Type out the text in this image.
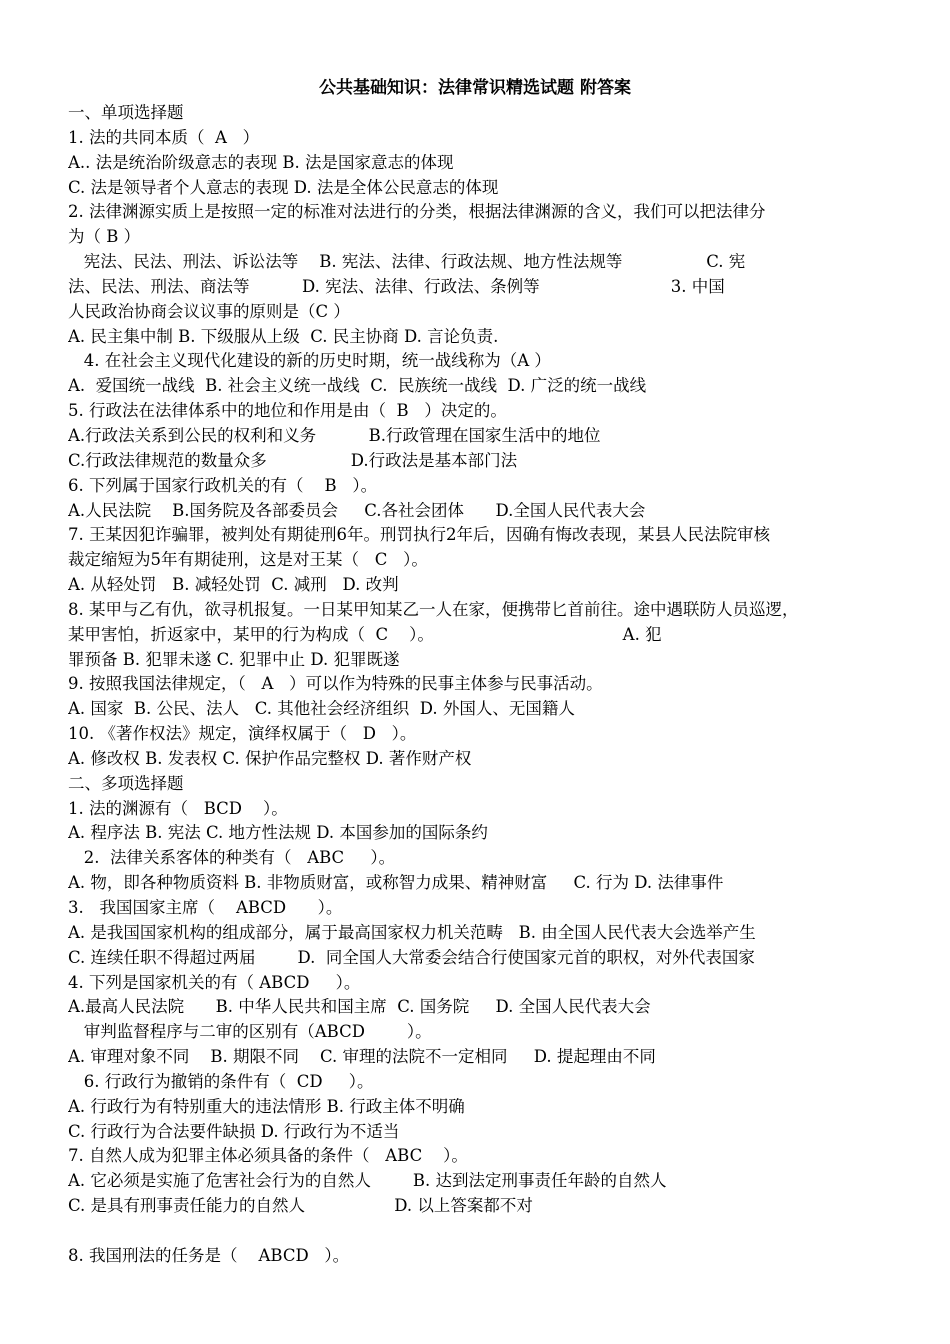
公共基础知识：法律常识精选试题 附答案
一、单项选择题
1. 法的共同本质（  A   ）
A.. 法是统治阶级意志的表现 B. 法是国家意志的体现
C. 法是领导者个人意志的表现 D. 法是全体公民意志的体现
2. 法律渊源实质上是按照一定的标准对法进行的分类，根据法律渊源的含义，我们可以把法律分
为（ B ）
宪法、民法、刑法、诉讼法等    B. 宪法、法律、行政法规、地方性法规等                C. 宪
法、民法、刑法、商法等          D. 宪法、法律、行政法、条例等                         3. 中国
人民政治协商会议议事的原则是（C ）
A. 民主集中制 B. 下级服从上级  C. 民主协商 D. 言论负责.
4. 在社会主义现代化建设的新的历史时期，统一战线称为（A ）
A.  爱国统一战线  B. 社会主义统一战线  C.  民族统一战线  D. 广泛的统一战线
5. 行政法在法律体系中的地位和作用是由（  B   ）决定的。
A.行政法关系到公民的权利和义务          B.行政管理在国家生活中的地位
C.行政法律规范的数量众多                D.行政法是基本部门法
6. 下列属于国家行政机关的有（    B   ）。
A.人民法院    B.国务院及各部委员会     C.各社会团体      D.全国人民代表大会
7. 王某因犯诈骗罪，被判处有期徒刑6年。刑罚执行2年后，因确有悔改表现，某县人民法院审核
裁定缩短为5年有期徒刑，这是对王某（   C   ）。
A. 从轻处罚   B. 减轻处罚  C. 减刑   D. 改判
8. 某甲与乙有仇，欲寻机报复。一日某甲知某乙一人在家，便携带匕首前往。途中遇联防人员巡逻，
某甲害怕，折返家中，某甲的行为构成（  C    ）。                                    A. 犯
罪预备 B. 犯罪未遂 C. 犯罪中止 D. 犯罪既遂
9. 按照我国法律规定，（   A   ）可以作为特殊的民事主体参与民事活动。
A. 国家  B. 公民、法人   C. 其他社会经济组织  D. 外国人、无国籍人
10. 《著作权法》规定，演绎权属于（   D   ）。
A. 修改权 B. 发表权 C. 保护作品完整权 D. 著作财产权
二、多项选择题
1. 法的渊源有（   BCD    ）。
A. 程序法 B. 宪法 C. 地方性法规 D. 本国参加的国际条约
2.  法律关系客体的种类有（   ABC     ）。
A. 物，即各种物质资料 B. 非物质财富，或称智力成果、精神财富     C. 行为 D. 法律事件
3.   我国国家主席（    ABCD      ）。
A. 是我国国家机构的组成部分，属于最高国家权力机关范畴   B. 由全国人民代表大会选举产生
C. 连续任职不得超过两届        D.  同全国人大常委会结合行使国家元首的职权，对外代表国家
4. 下列是国家机关的有（ ABCD     ）。
A.最高人民法院      B. 中华人民共和国主席  C. 国务院     D. 全国人民代表大会
审判监督程序与二审的区别有（ABCD        ）。
A. 审理对象不同    B. 期限不同    C. 审理的法院不一定相同     D. 提起理由不同
6. 行政行为撤销的条件有（  CD     ）。
A. 行政行为有特别重大的违法情形 B. 行政主体不明确
C. 行政行为合法要件缺损 D. 行政行为不适当
7. 自然人成为犯罪主体必须具备的条件（   ABC    ）。
A. 它必须是实施了危害社会行为的自然人        B. 达到法定刑事责任年龄的自然人
C. 是具有刑事责任能力的自然人                 D. 以上答案都不对
8. 我国刑法的任务是（    ABCD   ）。
